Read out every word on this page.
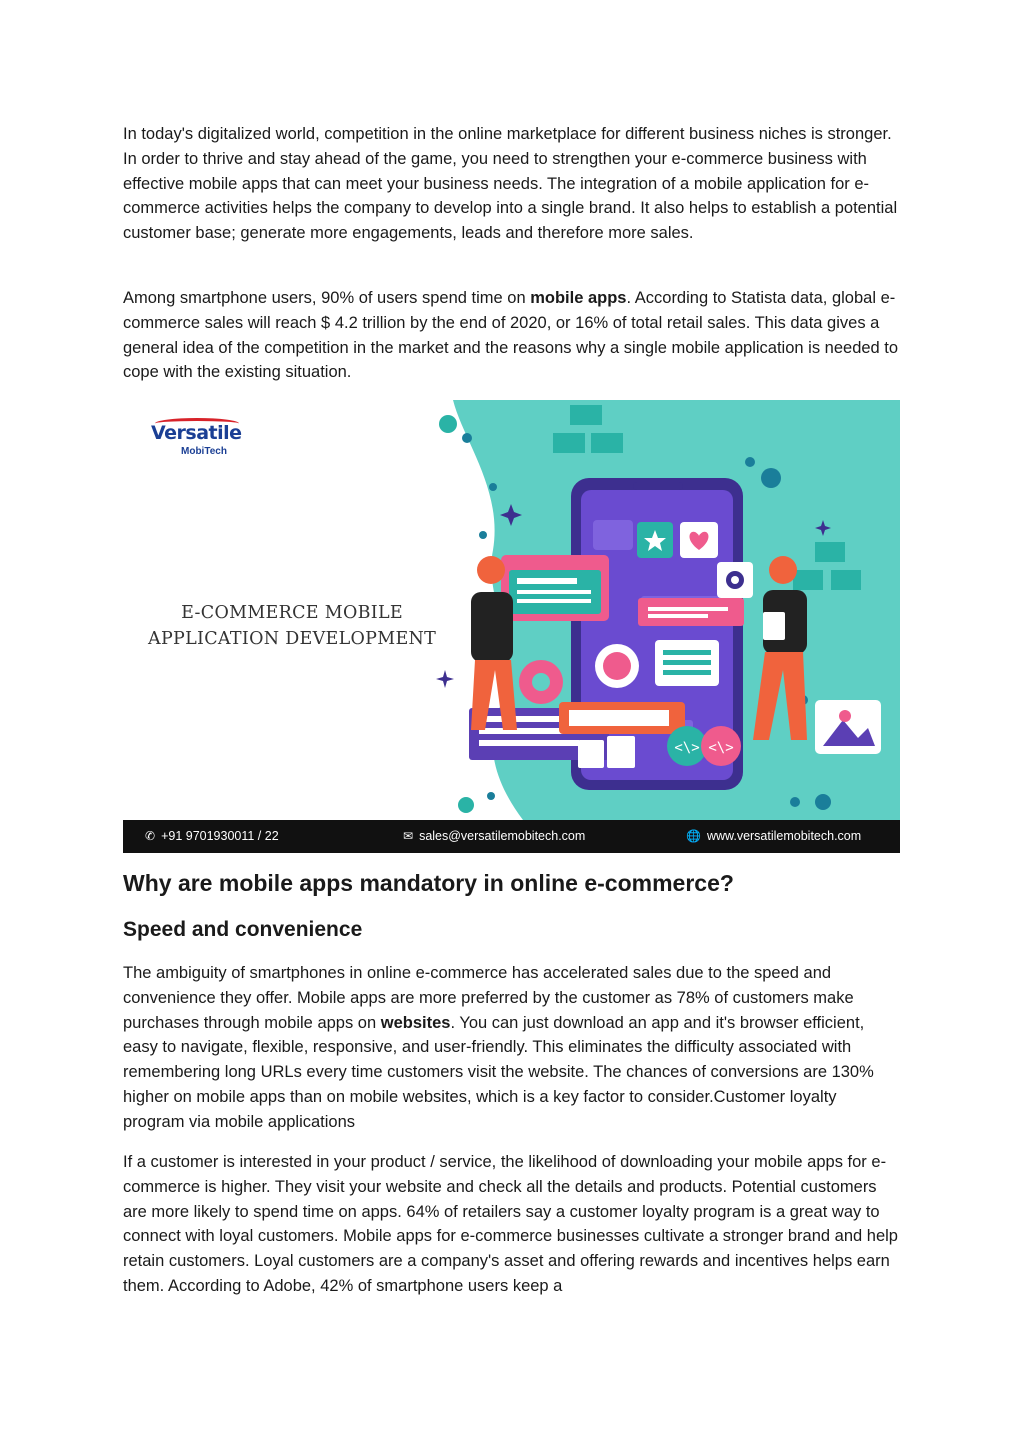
In today's digitalized world, competition in the online marketplace for different business niches is stronger. In order to thrive and stay ahead of the game, you need to strengthen your e-commerce business with effective mobile apps that can meet your business needs. The integration of a mobile application for e-commerce activities helps the company to develop into a single brand. It also helps to establish a potential customer base; generate more engagements, leads and therefore more sales.

Among smartphone users, 90% of users spend time on mobile apps. According to Statista data, global e-commerce sales will reach $ 4.2 trillion by the end of 2020, or 16% of total retail sales. This data gives a general idea of the competition in the market and the reasons why a single mobile application is needed to cope with the existing situation.

Why are mobile apps mandatory in online e-commerce?
Speed and convenience

The ambiguity of smartphones in online e-commerce has accelerated sales due to the speed and convenience they offer. Mobile apps are more preferred by the customer as 78% of customers make purchases through mobile apps on websites. You can just download an app and it's browser efficient, easy to navigate, flexible, responsive, and user-friendly. This eliminates the difficulty associated with remembering long URLs every time customers visit the website. The chances of conversions are 130% higher on mobile apps than on mobile websites, which is a key factor to consider.Customer loyalty program via mobile applications

If a customer is interested in your product / service, the likelihood of downloading your mobile apps for e-commerce is higher. They visit your website and check all the details and products. Potential customers are more likely to spend time on apps. 64% of retailers say a customer loyalty program is a great way to connect with loyal customers. Mobile apps for e-commerce businesses cultivate a stronger brand and help retain customers. Loyal customers are a company's asset and offering rewards and incentives helps earn them. According to Adobe, 42% of smartphone users keep a

<\> <\>
Versatile
MobiTech
E-COMMERCE MOBILE
APPLICATION DEVELOPMENT
✆ +91 9701930011 / 22	✉ sales@versatilemobitech.com	🌐 www.versatilemobitech.com
